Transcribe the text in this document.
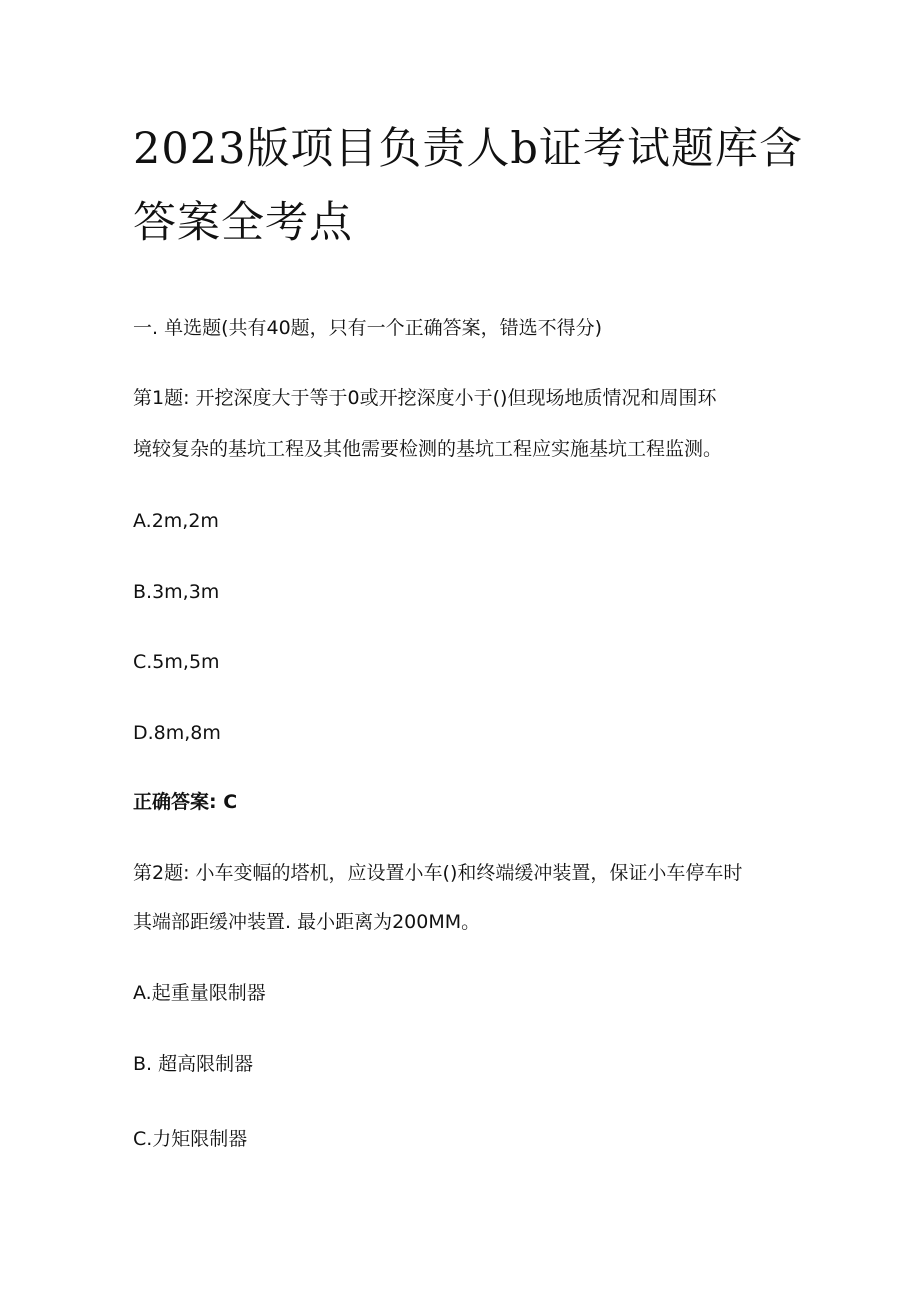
2023版项目负责人b证考试题库含
答案全考点

一. 单选题(共有40题，只有一个正确答案，错选不得分)

第1题: 开挖深度大于等于0或开挖深度小于()但现场地质情况和周围环

境较复杂的基坑工程及其他需要检测的基坑工程应实施基坑工程监测。

A.2m,2m

B.3m,3m

C.5m,5m

D.8m,8m

正确答案: C

第2题: 小车变幅的塔机，应设置小车()和终端缓冲装置，保证小车停车时

其端部距缓冲装置. 最小距离为200MM。

A.起重量限制器

B. 超高限制器

C.力矩限制器
